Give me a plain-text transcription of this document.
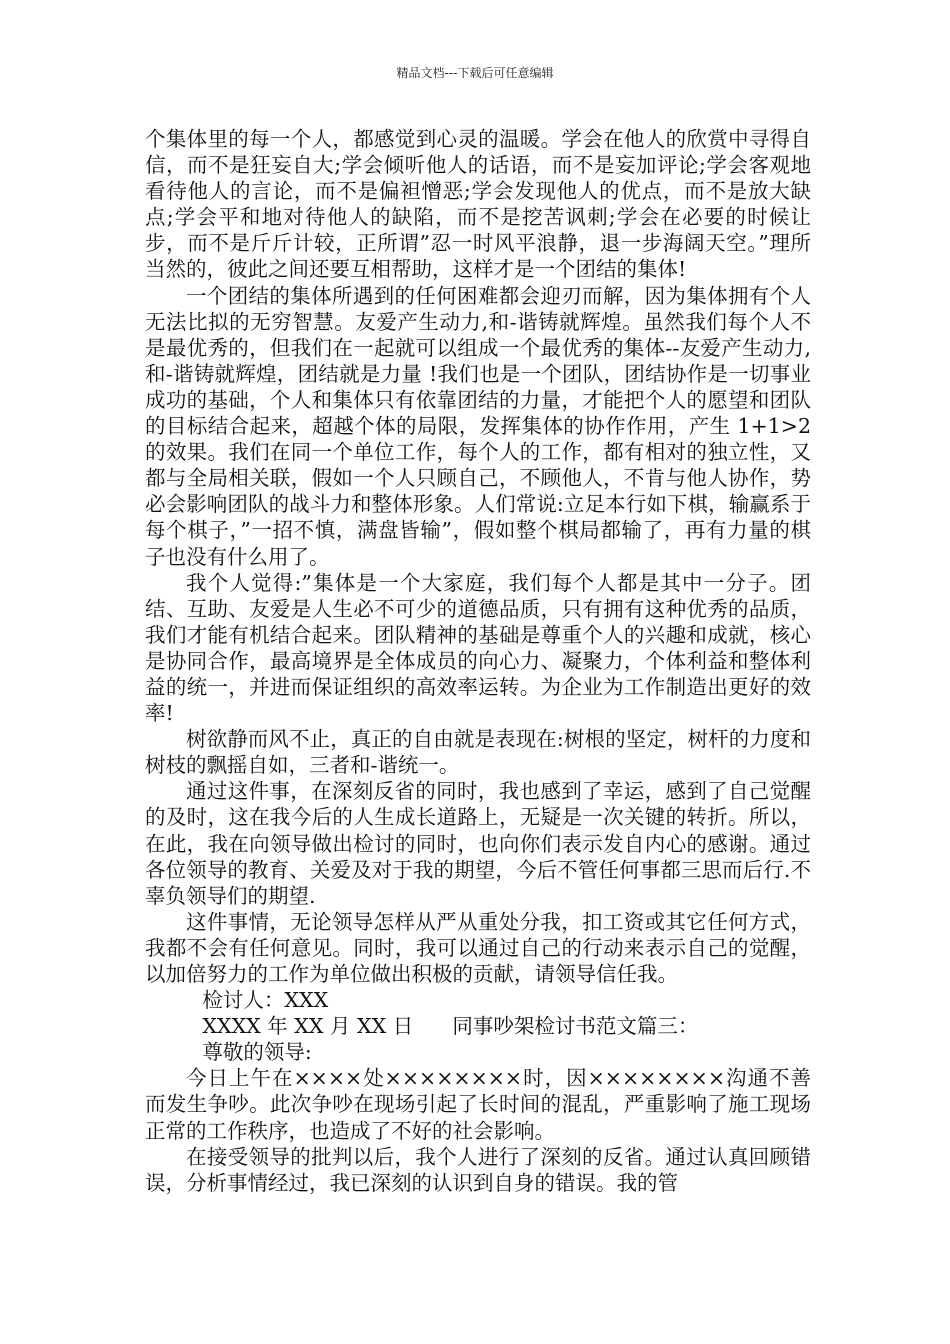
精品文档---下载后可任意编辑

个集体里的每一个人，都感觉到心灵的温暖。学会在他人的欣赏中寻得自信，而不是狂妄自大;学会倾听他人的话语，而不是妄加评论;学会客观地看待他人的言论，而不是偏袒憎恶;学会发现他人的优点，而不是放大缺点;学会平和地对待他人的缺陷，而不是挖苦讽刺;学会在必要的时候让步，而不是斤斤计较，正所谓”忍一时风平浪静，退一步海阔天空。”理所当然的，彼此之间还要互相帮助，这样才是一个团结的集体!

一个团结的集体所遇到的任何困难都会迎刃而解，因为集体拥有个人无法比拟的无穷智慧。友爱产生动力,和-谐铸就辉煌。虽然我们每个人不是最优秀的，但我们在一起就可以组成一个最优秀的集体--友爱产生动力,和-谐铸就辉煌，团结就是力量 !我们也是一个团队，团结协作是一切事业成功的基础，个人和集体只有依靠团结的力量，才能把个人的愿望和团队的目标结合起来，超越个体的局限，发挥集体的协作作用，产生 1+1>2 的效果。我们在同一个单位工作，每个人的工作，都有相对的独立性，又都与全局相关联，假如一个人只顾自己，不顾他人，不肯与他人协作，势必会影响团队的战斗力和整体形象。人们常说:立足本行如下棋，输赢系于每个棋子，”一招不慎，满盘皆输”，假如整个棋局都输了，再有力量的棋子也没有什么用了。

我个人觉得:”集体是一个大家庭，我们每个人都是其中一分子。团结、互助、友爱是人生必不可少的道德品质，只有拥有这种优秀的品质，我们才能有机结合起来。团队精神的基础是尊重个人的兴趣和成就，核心是协同合作，最高境界是全体成员的向心力、凝聚力，个体利益和整体利益的统一，并进而保证组织的高效率运转。为企业为工作制造出更好的效率!

树欲静而风不止，真正的自由就是表现在:树根的坚定，树杆的力度和树枝的飘摇自如，三者和-谐统一。

通过这件事，在深刻反省的同时，我也感到了幸运，感到了自己觉醒的及时，这在我今后的人生成长道路上，无疑是一次关键的转折。所以，在此，我在向领导做出检讨的同时，也向你们表示发自内心的感谢。通过各位领导的教育、关爱及对于我的期望，今后不管任何事都三思而后行.不辜负领导们的期望.

这件事情，无论领导怎样从严从重处分我，扣工资或其它任何方式，我都不会有任何意见。同时，我可以通过自己的行动来表示自己的觉醒，以加倍努力的工作为单位做出积极的贡献，请领导信任我。

检讨人：XXX
XXXX 年 XX 月 XX 日      同事吵架检讨书范文篇三：
尊敬的领导:

今日上午在××××处××××××××时，因××××××××沟通不善而发生争吵。此次争吵在现场引起了长时间的混乱，严重影响了施工现场正常的工作秩序，也造成了不好的社会影响。

在接受领导的批判以后，我个人进行了深刻的反省。通过认真回顾错误，分析事情经过，我已深刻的认识到自身的错误。我的管
